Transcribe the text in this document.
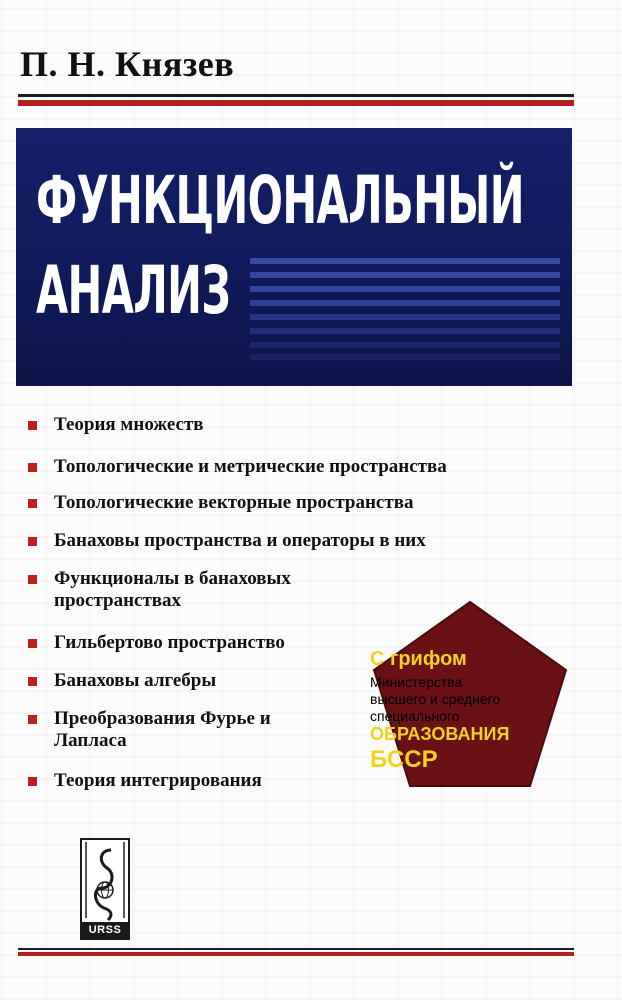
П. Н. Князев
ФУНКЦИОНАЛЬНЫЙ
АНАЛИЗ
Теория множеств
Топологические и метрические пространства
Топологические векторные пространства
Банаховы пространства и операторы в них
Функционалы в банаховых пространствах
Гильбертово пространство
Банаховы алгебры
Преобразования Фурье и Лапласа
Теория интегрирования
С грифом
Министерства
высшего и среднего
специального
ОБРАЗОВАНИЯ
БССР
URSS
